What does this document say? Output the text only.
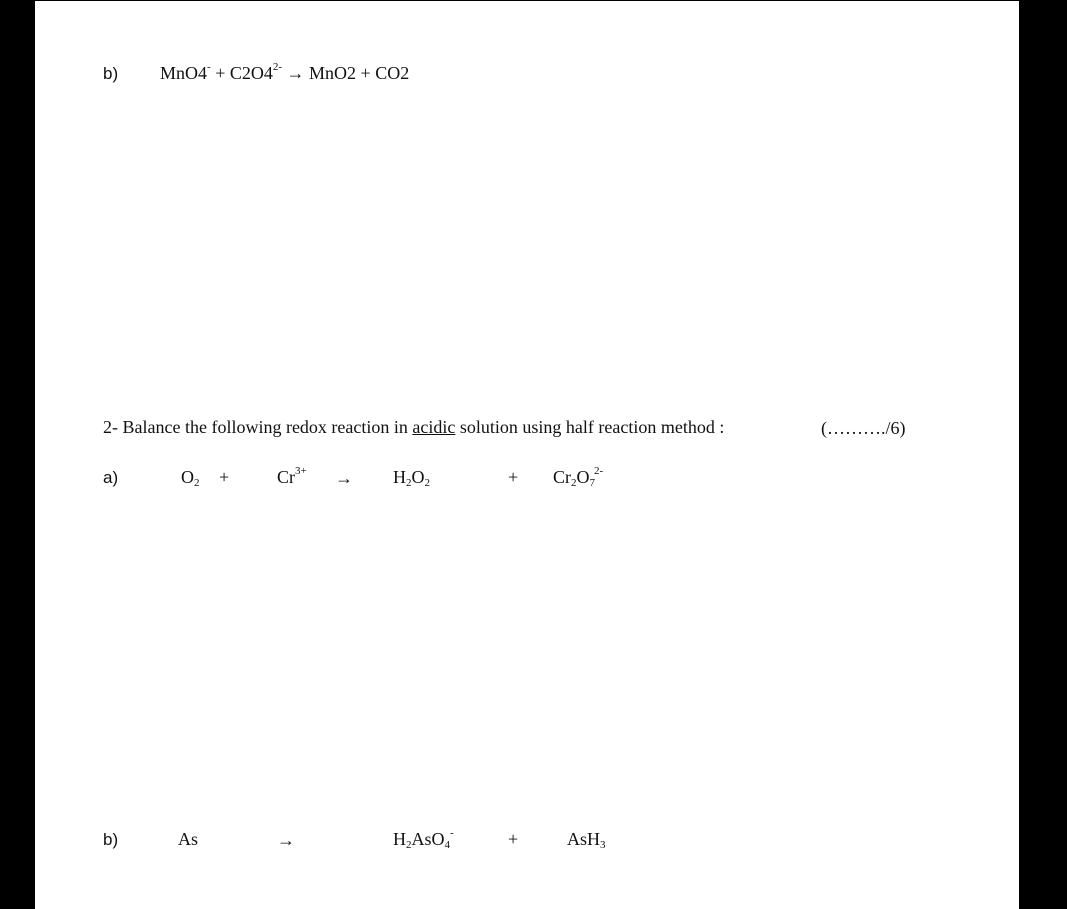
b) $MnO4^- + C2O4^{2-} \to MnO2 + CO2$
2- Balance the following redox reaction in acidic solution using half reaction method :	(………./6)
a)	$O_2$ +	$Cr^{3+} \to H_2O_2$	+ $Cr_2O_7^{2-}$
b)	As	→	$H_2AsO_4^-$	+	AsH$_3$
